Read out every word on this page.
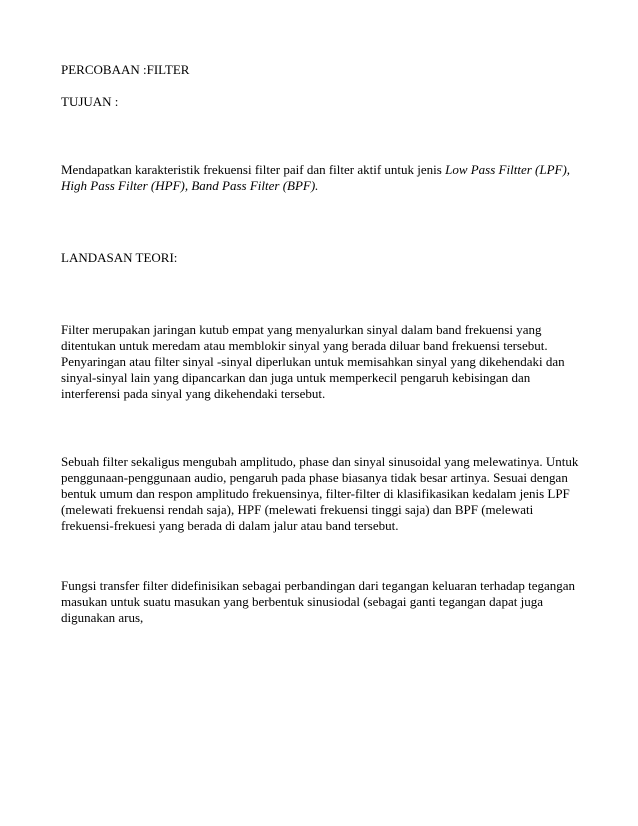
PERCOBAAN :FILTER

TUJUAN :

Mendapatkan karakteristik frekuensi filter paif dan filter aktif untuk jenis Low Pass Filtter (LPF), High Pass Filter (HPF), Band Pass Filter (BPF).

LANDASAN TEORI:

Filter merupakan jaringan kutub empat yang menyalurkan sinyal dalam band frekuensi yang ditentukan untuk meredam atau memblokir sinyal yang berada diluar band frekuensi tersebut. Penyaringan atau filter sinyal -sinyal diperlukan untuk memisahkan sinyal yang dikehendaki dan sinyal-sinyal lain yang dipancarkan dan juga untuk memperkecil pengaruh kebisingan dan interferensi pada sinyal yang dikehendaki tersebut.

Sebuah filter sekaligus mengubah amplitudo, phase dan sinyal sinusoidal yang melewatinya. Untuk penggunaan-penggunaan audio, pengaruh pada phase biasanya tidak besar artinya. Sesuai dengan bentuk umum dan respon amplitudo frekuensinya, filter-filter di klasifikasikan kedalam jenis LPF (melewati frekuensi rendah saja), HPF (melewati frekuensi tinggi saja) dan BPF (melewati frekuensi-frekuesi yang berada di dalam jalur atau band tersebut.

Fungsi transfer filter didefinisikan sebagai perbandingan dari tegangan keluaran terhadap tegangan masukan untuk suatu masukan yang berbentuk sinusiodal (sebagai ganti tegangan dapat juga digunakan arus,
